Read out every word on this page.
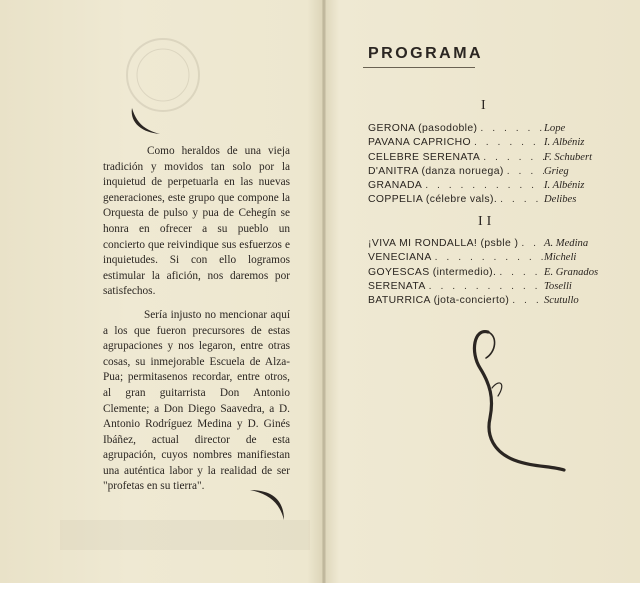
Como heraldos de una vieja tradición y movidos tan solo por la inquietud de perpetuarla en las nuevas generaciones, este grupo que compone la Orquesta de pulso y pua de Cehegín se honra en ofrecer a su pueblo un concierto que reivindique sus esfuerzos e inquietudes. Si con ello logramos estimular la afición, nos daremos por satisfechos.

Sería injusto no mencionar aquí a los que fueron precursores de estas agrupaciones y nos legaron, entre otras cosas, su inmejorable Escuela de Alza-Pua; permitasenos recordar, entre otros, al gran guitarrista Don Antonio Clemente; a Don Diego Saavedra, a D. Antonio Rodríguez Medina y D. Ginés Ibáñez, actual director de esta agrupación, cuyos nombres manifiestan una auténtica labor y la realidad de ser "profetas en su tierra".

PROGRAMA
I
GERONA (pasodoble) . . .	Lope
PAVANA CAPRICHO . . .	I. Albéniz
CELEBRE SERENATA . . .	F. Schubert
D'ANITRA (danza noruega) . . .	Grieg
GRANADA . . .	I. Albéniz
COPPELIA (célebre vals). . . .	Delibes
II
¡VIVA MI RONDALLA! (psble ) . . . A. Medina
VENECIANA . . .	Micheli
GOYESCAS (intermedio). . . .	E. Granados
SERENATA . . .	Toselli
BATURRICA (jota-concierto) . . .	Scutullo
